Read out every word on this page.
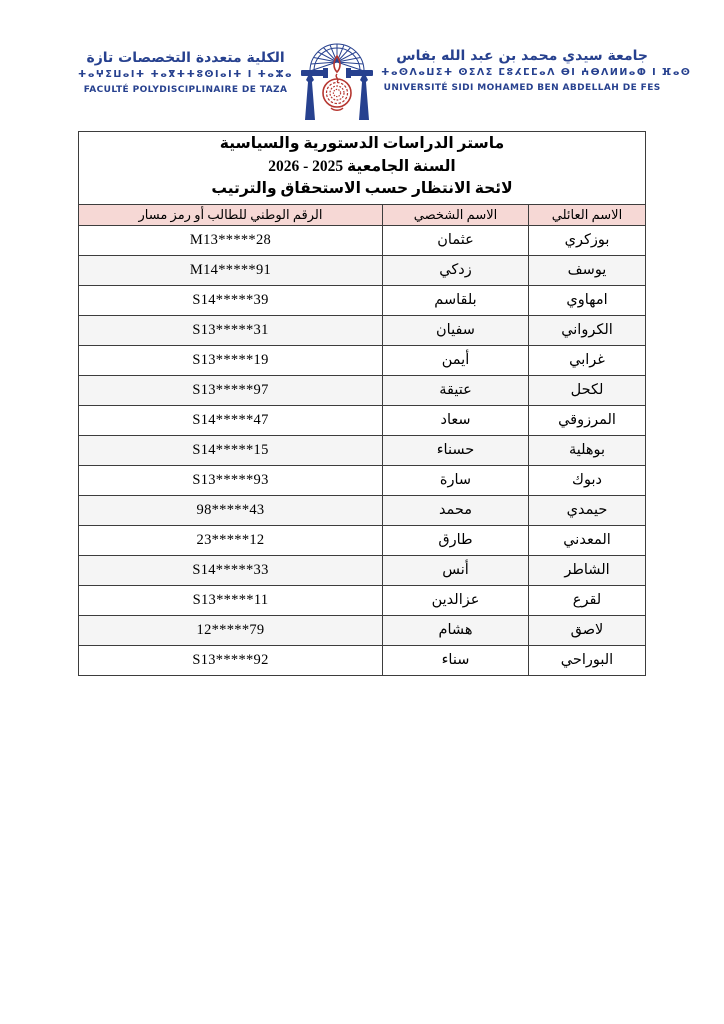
الكلية متعددة التخصصات تازة
ⵜⴰⵖⵉⵡⴰⵏⵜ ⵜⴰⴳⵜⵜⵓⵙⵏⴰⵏⵜ ⵏ ⵜⴰⵣⴰ
FACULTÉ POLYDISCIPLINAIRE DE TAZA
جامعة سيدي محمد بن عبد الله بفاس
ⵜⴰⵙⴷⴰⵡⵉⵜ ⵙⵉⴷⵉ ⵎⵓⵃⵎⵎⴰⴷ ⴱⵏ ⵄⴱⴷⵍⵍⴰⵀ ⵏ ⴼⴰⵙ
UNIVERSITÉ SIDI MOHAMED BEN ABDELLAH DE FES
ماستر الدراسات الدستورية والسياسية
السنة الجامعية 2025 - 2026
لائحة الانتظار حسب الاستحقاق والترتيب		

الاسم العائلي	الاسم الشخصي	الرقم الوطني للطالب أو رمز مسار
بوزكري	عثمان	M13*****28
يوسف	زدكي	M14*****91
امهاوي	بلقاسم	S14*****39
الكرواني	سفيان	S13*****31
غرابي	أيمن	S13*****19
لكحل	عتيقة	S13*****97
المرزوقي	سعاد	S14*****47
بوهلية	حسناء	S14*****15
دبوك	سارة	S13*****93
حيمدي	محمد	98*****43
المعدني	طارق	23*****12
الشاطر	أنس	S14*****33
لقرع	عزالدين	S13*****11
لاصق	هشام	12*****79
البوراحي	سناء	S13*****92
